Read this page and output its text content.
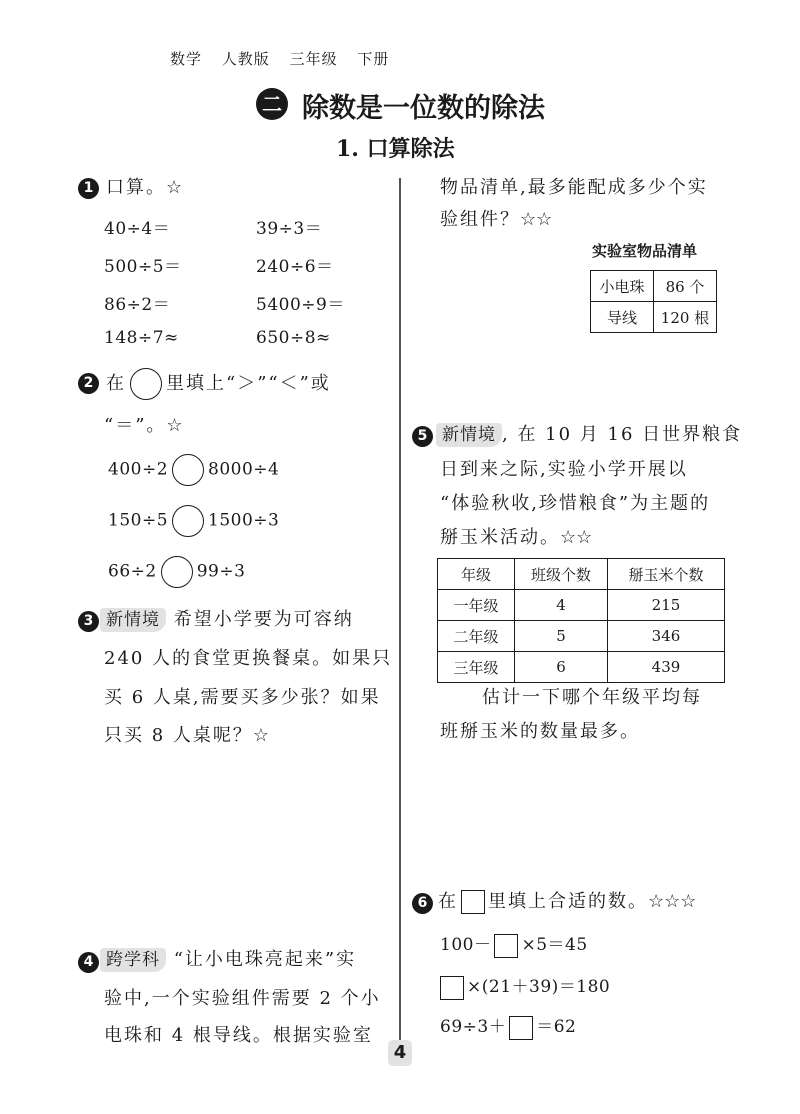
数学 人教版 三年级 下册
二 除数是一位数的除法
1. 口算除法
1 口算。☆
40÷4＝	39÷3＝
500÷5＝	240÷6＝
86÷2＝	5400÷9＝
148÷7≈	650÷8≈
2 在 里填上“＞”“＜”或
“＝”。☆
400÷2 8000÷4
150÷5 1500÷3
66÷2 99÷3
3 新情境 希望小学要为可容纳
240 人的食堂更换餐桌。如果只
买 6 人桌,需要买多少张？如果
只买 8 人桌呢？☆
4 跨学科 “让小电珠亮起来”实
验中,一个实验组件需要 2 个小
电珠和 4 根导线。根据实验室
物品清单,最多能配成多少个实
验组件？☆☆
实验室物品清单
小电珠	86 个
导线	120 根
5 新情境 , 在 10 月 16 日世界粮食
日到来之际,实验小学开展以
“体验秋收,珍惜粮食”为主题的
掰玉米活动。☆☆
年级	班级个数	掰玉米个数
一年级	4	215
二年级	5	346
三年级	6	439
估计一下哪个年级平均每
班掰玉米的数量最多。
6 在 里填上合适的数。☆☆☆
100－ ×5＝45
×(21＋39)＝180
69÷3＋ ＝62
4
